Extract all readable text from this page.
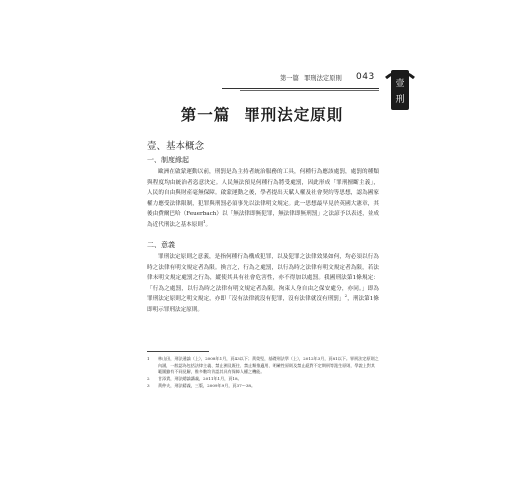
第一篇 罪刑法定原則 043
壹
刑
第一篇 罪刑法定原則
壹、基本概念
一、制度緣起
歐洲在啟蒙運動以前，刑罰是為主持者統治服務的工具，何種行為應該處罰，處罰的種類與程度均由統治者恣意決定。人民無法預見何種行為將受處罰，因此形成「罪刑擅斷主義」，人民的自由與財產毫無保障。啟蒙運動之後，學者提出天賦人權及社會契約等思想，認為國家權力應受法律限制，犯罪與刑罰必須事先以法律明文規定。此一思想最早見於英國大憲章，其後由費爾巴哈（Feuerbach）以「無法律即無犯罪，無法律即無刑罰」之法諺予以表述，並成為近代刑法之基本原則$^1$。
二、意義
罪刑法定原則之意義，是指何種行為構成犯罪，以及犯罪之法律效果如何，均必須以行為時之法律有明文規定者為限。換言之，行為之處罰，以行為時之法律有明文規定者為限，若法律未明文規定處罰之行為，縱使其具有社會危害性，亦不得加以處罰。我國刑法第1條規定：「行為之處罰，以行為時之法律有明文規定者為限。拘束人身自由之保安處分，亦同。」即為罪刑法定原則之明文規定，亦即「沒有法律就沒有犯罪，沒有法律就沒有刑罰」$^2$，刑法第1條即明示罪刑法定原則。
1 林山田，刑法通論（上），2008年1月，頁43以下；黃榮堅，基礎刑法學（上），2012年3月，頁81以下。罪刑法定原則之內涵，一般認為包括法律主義、禁止溯及既往、禁止類推適用、明確性原則及禁止絕對不定期刑等派生原則，學說上對其範圍雖有不同見解，惟多數均肯認其具有保障人權之機能。
2 甘添貴，刑法總論講義，2011年1月，頁18。
3 黃仲夫，刑法精義，三版，2009年9月，頁37～38。
